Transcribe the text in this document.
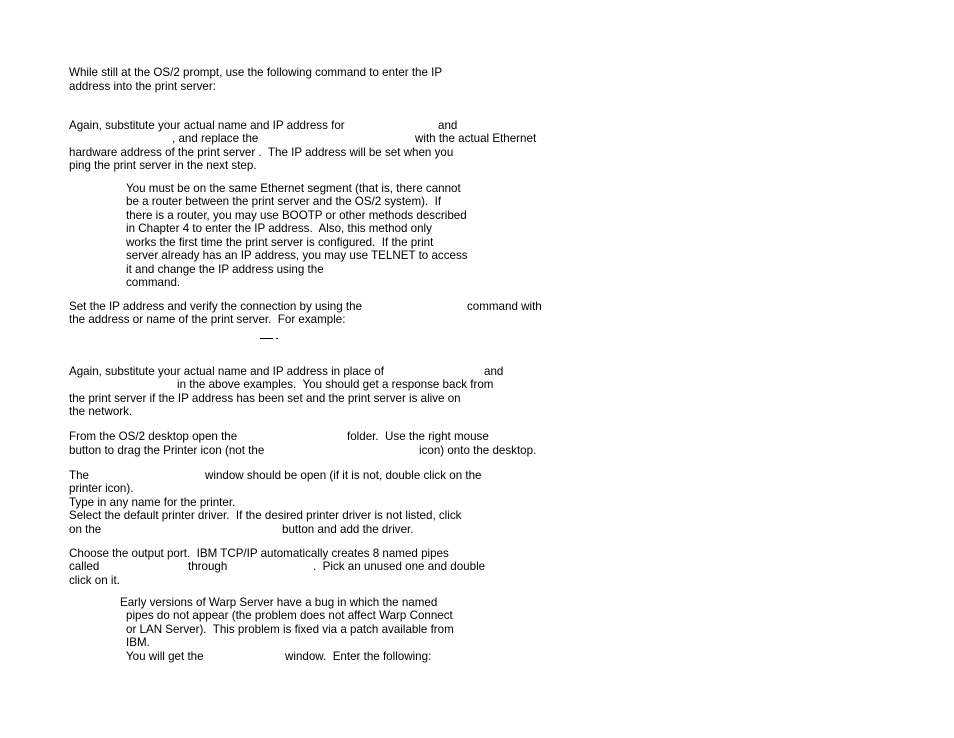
While still at the OS/2 prompt, use the following command to enter the IP
address into the print server:
Again, substitute your actual name and IP address for	and
, and replace the	with the actual Ethernet
hardware address of the print server .  The IP address will be set when you
ping the print server in the next step.
You must be on the same Ethernet segment (that is, there cannot
be a router between the print server and the OS/2 system).  If
there is a router, you may use BOOTP or other methods described
in Chapter 4 to enter the IP address.  Also, this method only
works the first time the print server is configured.  If the print
server already has an IP address, you may use TELNET to access
it and change the IP address using the
command.
Set the IP address and verify the connection by using the	command with
the address or name of the print server.  For example:
Again, substitute your actual name and IP address in place of	and
in the above examples.  You should get a response back from
the print server if the IP address has been set and the print server is alive on
the network.
From the OS/2 desktop open the	folder.  Use the right mouse
button to drag the Printer icon (not the	icon) onto the desktop.
The	window should be open (if it is not, double click on the
printer icon).
Type in any name for the printer.
Select the default printer driver.  If the desired printer driver is not listed, click
on the	button and add the driver.
Choose the output port.  IBM TCP/IP automatically creates 8 named pipes
called	through	.  Pick an unused one and double
click on it.
Early versions of Warp Server have a bug in which the named
pipes do not appear (the problem does not affect Warp Connect
or LAN Server).  This problem is fixed via a patch available from
IBM.
You will get the	window.  Enter the following:
